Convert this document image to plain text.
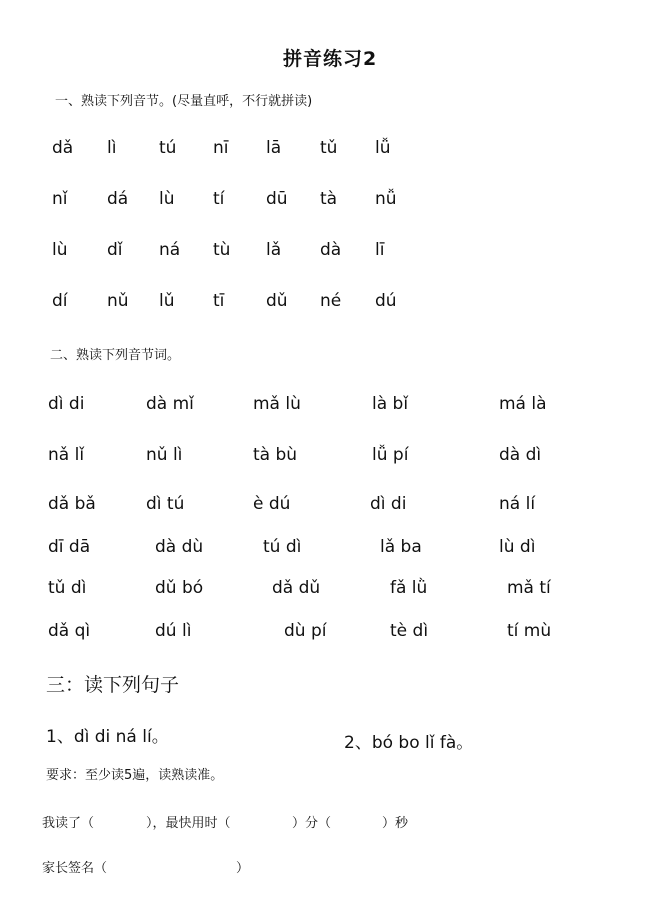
拼音练习2
一、熟读下列音节。(尽量直呼，不行就拼读)
dǎ lì	tú nī lā tǔ lǚ
nǐ dá lù tí dū tà nǚ
lù dǐ ná tù lǎ dà lī
dí nǔ lǔ tī dǔ né dú
二、熟读下列音节词。
dì di	dà mǐ	mǎ lù	là bǐ	má là
nǎ lǐ	nǔ lì	tà bù	lǚ pí	dà dì
dǎ bǎ	dì tú	è dú	dì di	ná lí
dī dā	dà dù	tú dì	lǎ ba	lù dì
tǔ dì	dǔ bó	dǎ dǔ	fǎ lǜ	mǎ tí
dǎ qì	dú lì	dù pí	tè dì	tí mù
三：读下列句子
1、dì di ná lí。	2、bó bo lǐ fà。
要求：至少读5遍，读熟读准。
我读了（	），最快用时（	）分（	）秒
家长签名（	）
